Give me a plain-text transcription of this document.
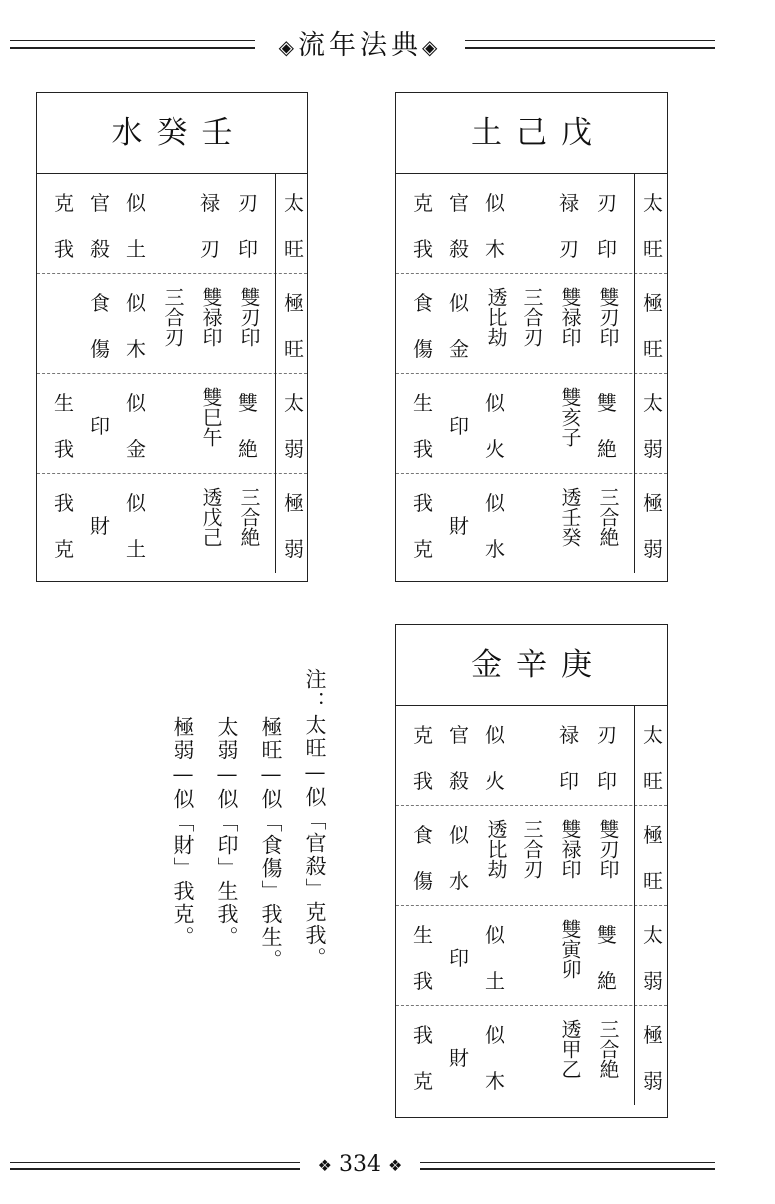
◈流年法典◈
水癸壬
太
旺
克
我
官
殺
似
土
禄
刃
刃
印
極
旺
食
傷
似
木
三合刃 雙禄印 雙刃印
太
弱
生
我
印
似
金
雙巳午 雙
絶
極
弱
我
克
財
似
土
透戊己 三合絶
土己戊
太
旺
克
我
官
殺
似
木
禄
刃
刃
印
極
旺
食
傷
似
金
透比劫 三合刃 雙禄印 雙刃印
太
弱
生
我
印
似
火
雙亥子 雙
絶
極
弱
我
克
財
似
水
透壬癸 三合絶
金辛庚
太
旺
克
我
官
殺
似
火
禄
印
刃
印
極
旺
食
傷
似
水
透比劫 三合刃 雙禄印 雙刃印
太
弱
生
我
印
似
土
雙寅卯 雙
絶
極
弱
我
克
財
似
木
透甲乙 三合絶
注：太旺—似「官殺」克我。
極旺—似「食傷」我生。
太弱—似「印」生我。
極弱—似「財」我克。
❖ 334 ❖
